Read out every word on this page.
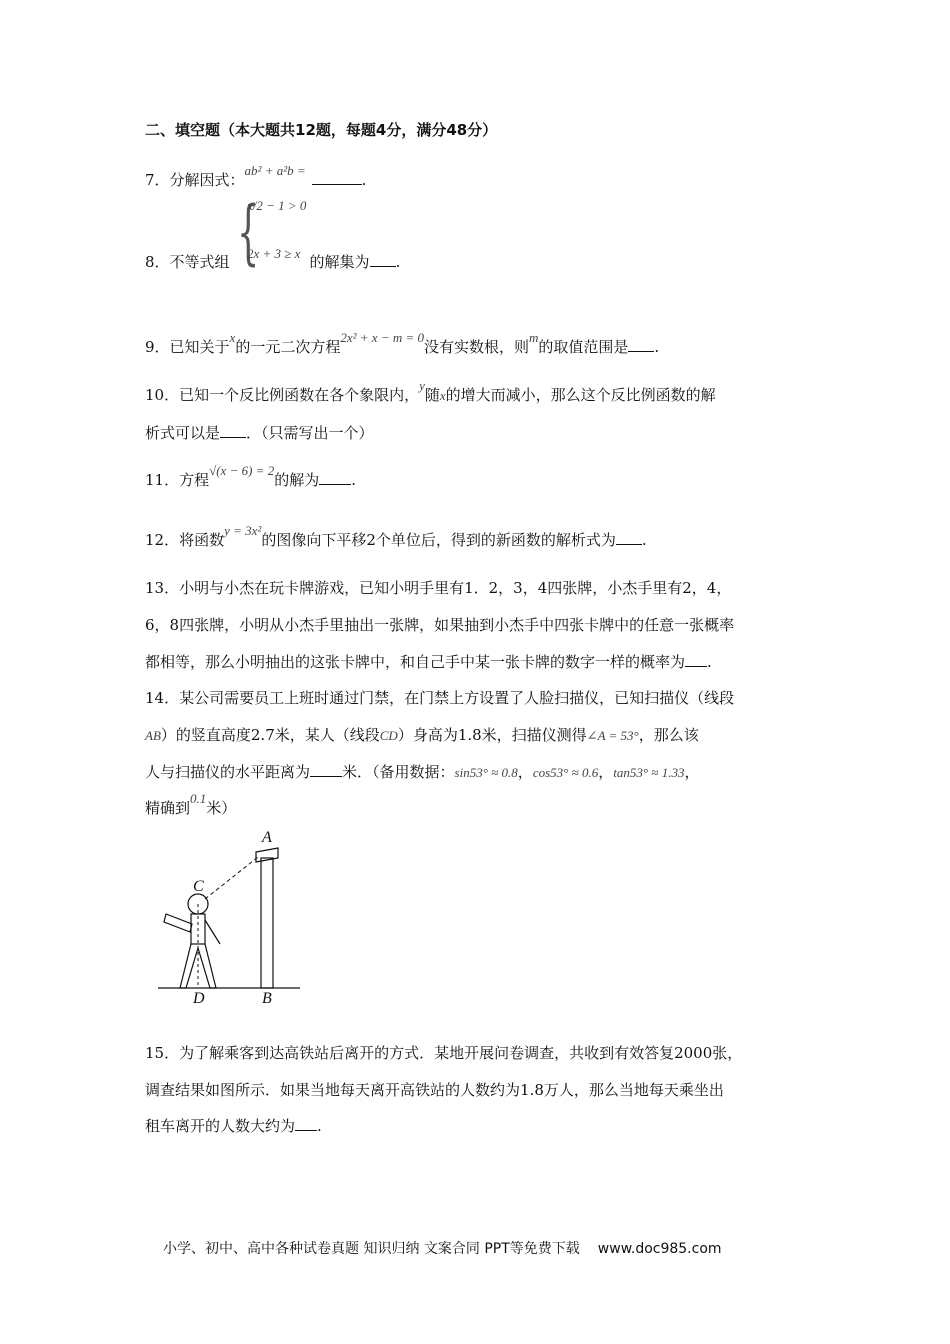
二、填空题（本大题共12题，每题4分，满分48分）
7．分解因式：ab² + a²b =.
8．不等式组	的解集为 .
{
x/2 − 1 > 0
2x + 3 ≥ x
9．已知关于x的一元二次方程2x² + x − m = 0没有实数根，则m的取值范围是 .
10．已知一个反比例函数在各个象限内，y随x的增大而减小，那么这个反比例函数的解
析式可以是 ．（只需写出一个）
11．方程√(x − 6) = 2的解为 .
12．将函数y = 3x²的图像向下平移2个单位后，得到的新函数的解析式为 .
13．小明与小杰在玩卡牌游戏，已知小明手里有1．2，3，4四张牌，小杰手里有2，4，
6，8四张牌，小明从小杰手里抽出一张牌，如果抽到小杰手中四张卡牌中的任意一张概率
都相等，那么小明抽出的这张卡牌中，和自己手中某一张卡牌的数字一样的概率为 .
14．某公司需要员工上班时通过门禁，在门禁上方设置了人脸扫描仪，已知扫描仪（线段
AB）的竖直高度2.7米，某人（线段CD）身高为1.8米，扫描仪测得∠A = 53°，那么该
人与扫描仪的水平距离为 米．（备用数据：sin53° ≈ 0.8，cos53° ≈ 0.6，tan53° ≈ 1.33，
精确到0.1米）
A
B
C
D
15．为了解乘客到达高铁站后离开的方式．某地开展问卷调查，共收到有效答复2000张，
调查结果如图所示．如果当地每天离开高铁站的人数约为1.8万人，那么当地每天乘坐出
租车离开的人数大约为 .
小学、初中、高中各种试卷真题 知识归纳 文案合同 PPT等免费下载 www.doc985.com
